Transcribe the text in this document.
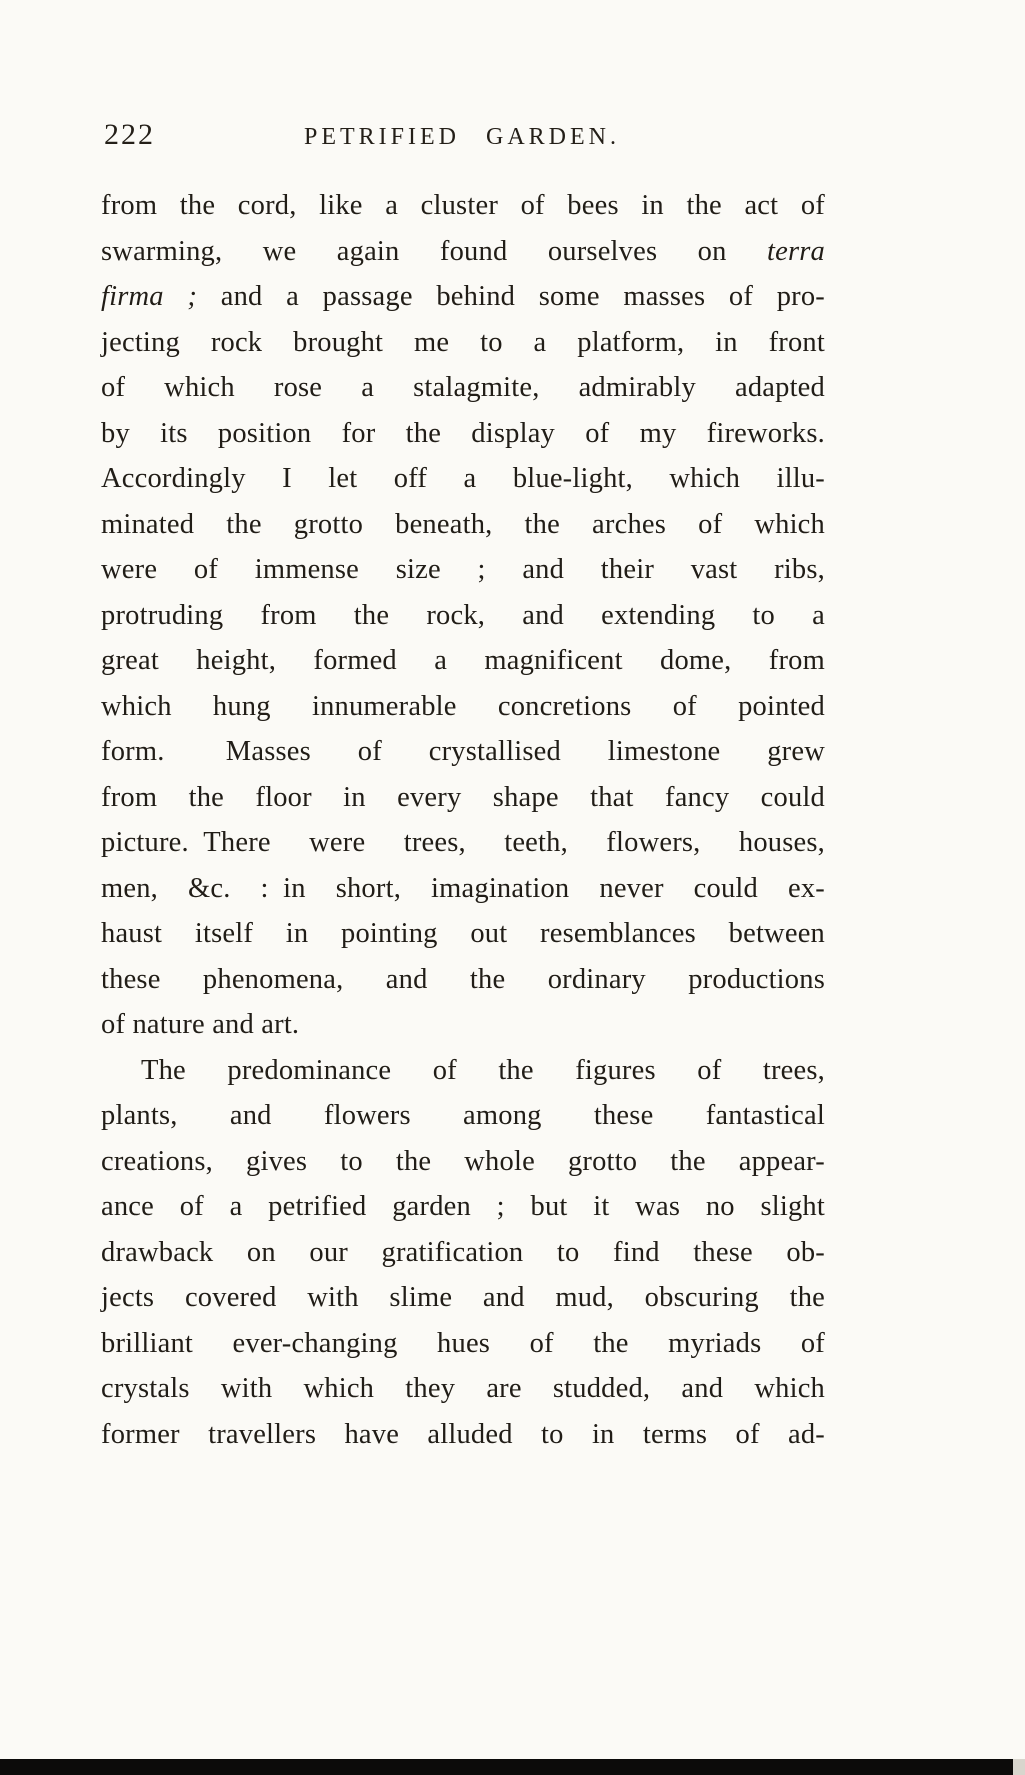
222	PETRIFIED GARDEN.
from the cord, like a cluster of bees in the act of
swarming, we again found ourselves on terra
firma ; and a passage behind some masses of pro-
jecting rock brought me to a platform, in front
of which rose a stalagmite, admirably adapted
by its position for the display of my fireworks.
Accordingly I let off a blue-light, which illu-
minated the grotto beneath, the arches of which
were of immense size ; and their vast ribs,
protruding from the rock, and extending to a
great height, formed a magnificent dome, from
which hung innumerable concretions of pointed
form.  Masses of crystallised limestone grew
from the floor in every shape that fancy could
picture. There were trees, teeth, flowers, houses,
men, &c. : in short, imagination never could ex-
haust itself in pointing out resemblances between
these phenomena, and the ordinary productions
of nature and art.
The predominance of the figures of trees,
plants, and flowers among these fantastical
creations, gives to the whole grotto the appear-
ance of a petrified garden ; but it was no slight
drawback on our gratification to find these ob-
jects covered with slime and mud, obscuring the
brilliant ever-changing hues of the myriads of
crystals with which they are studded, and which
former travellers have alluded to in terms of ad-
